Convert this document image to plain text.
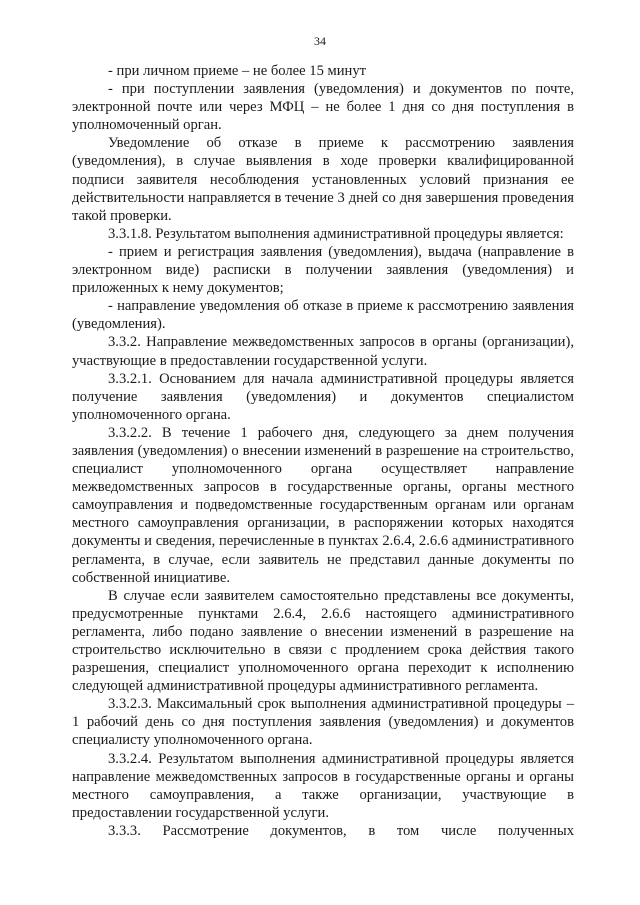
34

- при личном приеме – не более 15 минут

- при поступлении заявления (уведомления) и документов по почте, электронной почте или через МФЦ – не более 1 дня со дня поступления в уполномоченный орган.

Уведомление об отказе в приеме к рассмотрению заявления (уведомления), в случае выявления в ходе проверки квалифицированной подписи заявителя несоблюдения установленных условий признания ее действительности направляется в течение 3 дней со дня завершения проведения такой проверки.

3.3.1.8. Результатом выполнения административной процедуры является:

- прием и регистрация заявления (уведомления), выдача (направление в электронном виде) расписки в получении заявления (уведомления) и приложенных к нему документов;

- направление уведомления об отказе в приеме к рассмотрению заявления (уведомления).

3.3.2. Направление межведомственных запросов в органы (организации), участвующие в предоставлении государственной услуги.

3.3.2.1. Основанием для начала административной процедуры является получение заявления (уведомления) и документов специалистом уполномоченного органа.

3.3.2.2. В течение 1 рабочего дня, следующего за днем получения заявления (уведомления) о внесении изменений в разрешение на строительство, специалист уполномоченного органа осуществляет направление межведомственных запросов в государственные органы, органы местного самоуправления и подведомственные государственным органам или органам местного самоуправления организации, в распоряжении которых находятся документы и сведения, перечисленные в пунктах 2.6.4, 2.6.6 административного регламента, в случае, если заявитель не представил данные документы по собственной инициативе.

В случае если заявителем самостоятельно представлены все документы, предусмотренные пунктами 2.6.4, 2.6.6 настоящего административного регламента, либо подано заявление о внесении изменений в разрешение на строительство исключительно в связи с продлением срока действия такого разрешения, специалист уполномоченного органа переходит к исполнению следующей административной процедуры административного регламента.

3.3.2.3. Максимальный срок выполнения административной процедуры – 1 рабочий день со дня поступления заявления (уведомления) и документов специалисту уполномоченного органа.

3.3.2.4. Результатом выполнения административной процедуры является направление межведомственных запросов в государственные органы и органы местного самоуправления, а также организации, участвующие в предоставлении государственной услуги.

3.3.3. Рассмотрение документов, в том числе полученных
